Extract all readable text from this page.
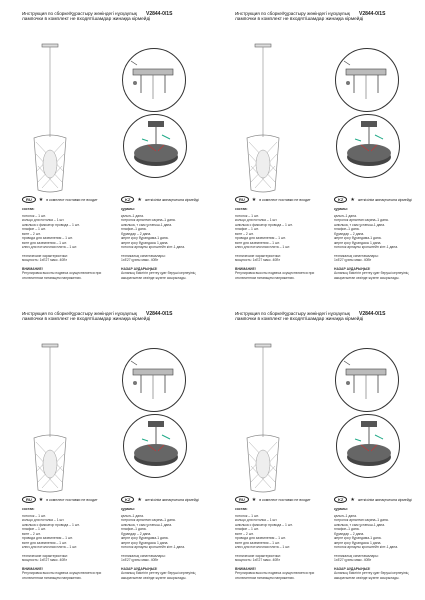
Инструкция по сборке/Құрастыру жөніндегі нұсқаулық
лампочки в комплект не входят/шамдар жинаққа кірмейді
V2844-0/1S
RU	★ в комплект поставки не входит	KZ	★ жеткізілім жинақтығына кірмейді
состав:
потолок – 1 шт.
кольцо для потолка – 1 шт.
шпилька с фиксатор провода – 1 шт.
плафон – 1 шт.
винт – 2 шт.
провода для заземления – 1 шт.
винт для заземления – 1 шт.
ключ для потолочная плита – 1 шт.
технические характеристики:
мощность: 1xE27 макс. 40Вт
ВНИМАНИЕ!
Регулировка высоты подвеса осуществляется при отключенном питающем напряжении.
құрамы:
қалып–1 дана.
потролок арналған сақина–1 дана.
шпилька, т сым ұстағыш-1 дана.
плафон–1 дана.
бұрандар – 2 дана.
жерге қосу бұрандама-1 дана.
жерге қосу бұрандасы 1 дана.
потолок арнаулы кронштейн кілт-1 дана.
техникалық сипаттамалары:
1xE27 қуаты макс. 40Вт
НАЗАР АУДАРЫҢЫЗ!
Аспаның биіктігін реттеу қуат беруші кернеуінің ажыратылған кезінде жүзеге асырылады.
Инструкция по сборке/Құрастыру жөніндегі нұсқаулық
лампочки в комплект не входят/шамдар жинаққа кірмейді
V2844-0/1S
RU	★ в комплект поставки не входит	KZ	★ жеткізілім жинақтығына кірмейді
состав:
потолок – 1 шт.
кольцо для потолка – 1 шт.
шпилька с фиксатор провода – 1 шт.
плафон – 1 шт.
винт – 2 шт.
провода для заземления – 1 шт.
винт для заземления – 1 шт.
ключ для потолочная плита – 1 шт.
технические характеристики:
мощность: 1xE27 макс. 40Вт
ВНИМАНИЕ!
Регулировка высоты подвеса осуществляется при отключенном питающем напряжении.
құрамы:
қалып–1 дана.
потролок арналған сақина–1 дана.
шпилька, т сым ұстағыш-1 дана.
плафон–1 дана.
бұрандар – 2 дана.
жерге қосу бұрандама-1 дана.
жерге қосу бұрандасы 1 дана.
потолок арнаулы кронштейн кілт-1 дана.
техникалық сипаттамалары:
1xE27 қуаты макс. 40Вт
НАЗАР АУДАРЫҢЫЗ!
Аспаның биіктігін реттеу қуат беруші кернеуінің ажыратылған кезінде жүзеге асырылады.
Инструкция по сборке/Құрастыру жөніндегі нұсқаулық
лампочки в комплект не входят/шамдар жинаққа кірмейді
V2844-0/1S
RU	★ в комплект поставки не входит	KZ	★ жеткізілім жинақтығына кірмейді
состав:
потолок – 1 шт.
кольцо для потолка – 1 шт.
шпилька с фиксатор провода – 1 шт.
плафон – 1 шт.
винт – 2 шт.
провода для заземления – 1 шт.
винт для заземления – 1 шт.
ключ для потолочная плита – 1 шт.
технические характеристики:
мощность: 1xE27 макс. 40Вт
ВНИМАНИЕ!
Регулировка высоты подвеса осуществляется при отключенном питающем напряжении.
құрамы:
қалып–1 дана.
потролок арналған сақина–1 дана.
шпилька, т сым ұстағыш-1 дана.
плафон–1 дана.
бұрандар – 2 дана.
жерге қосу бұрандама-1 дана.
жерге қосу бұрандасы 1 дана.
потолок арнаулы кронштейн кілт-1 дана.
техникалық сипаттамалары:
1xE27 қуаты макс. 40Вт
НАЗАР АУДАРЫҢЫЗ!
Аспаның биіктігін реттеу қуат беруші кернеуінің ажыратылған кезінде жүзеге асырылады.
Инструкция по сборке/Құрастыру жөніндегі нұсқаулық
лампочки в комплект не входят/шамдар жинаққа кірмейді
V2844-0/1S
RU	★ в комплект поставки не входит	KZ	★ жеткізілім жинақтығына кірмейді
состав:
потолок – 1 шт.
кольцо для потолка – 1 шт.
шпилька с фиксатор провода – 1 шт.
плафон – 1 шт.
винт – 2 шт.
провода для заземления – 1 шт.
винт для заземления – 1 шт.
ключ для потолочная плита – 1 шт.
технические характеристики:
мощность: 1xE27 макс. 40Вт
ВНИМАНИЕ!
Регулировка высоты подвеса осуществляется при отключенном питающем напряжении.
құрамы:
қалып–1 дана.
потролок арналған сақина–1 дана.
шпилька, т сым ұстағыш-1 дана.
плафон–1 дана.
бұрандар – 2 дана.
жерге қосу бұрандама-1 дана.
жерге қосу бұрандасы 1 дана.
потолок арнаулы кронштейн кілт-1 дана.
техникалық сипаттамалары:
1xE27 қуаты макс. 40Вт
НАЗАР АУДАРЫҢЫЗ!
Аспаның биіктігін реттеу қуат беруші кернеуінің ажыратылған кезінде жүзеге асырылады.
